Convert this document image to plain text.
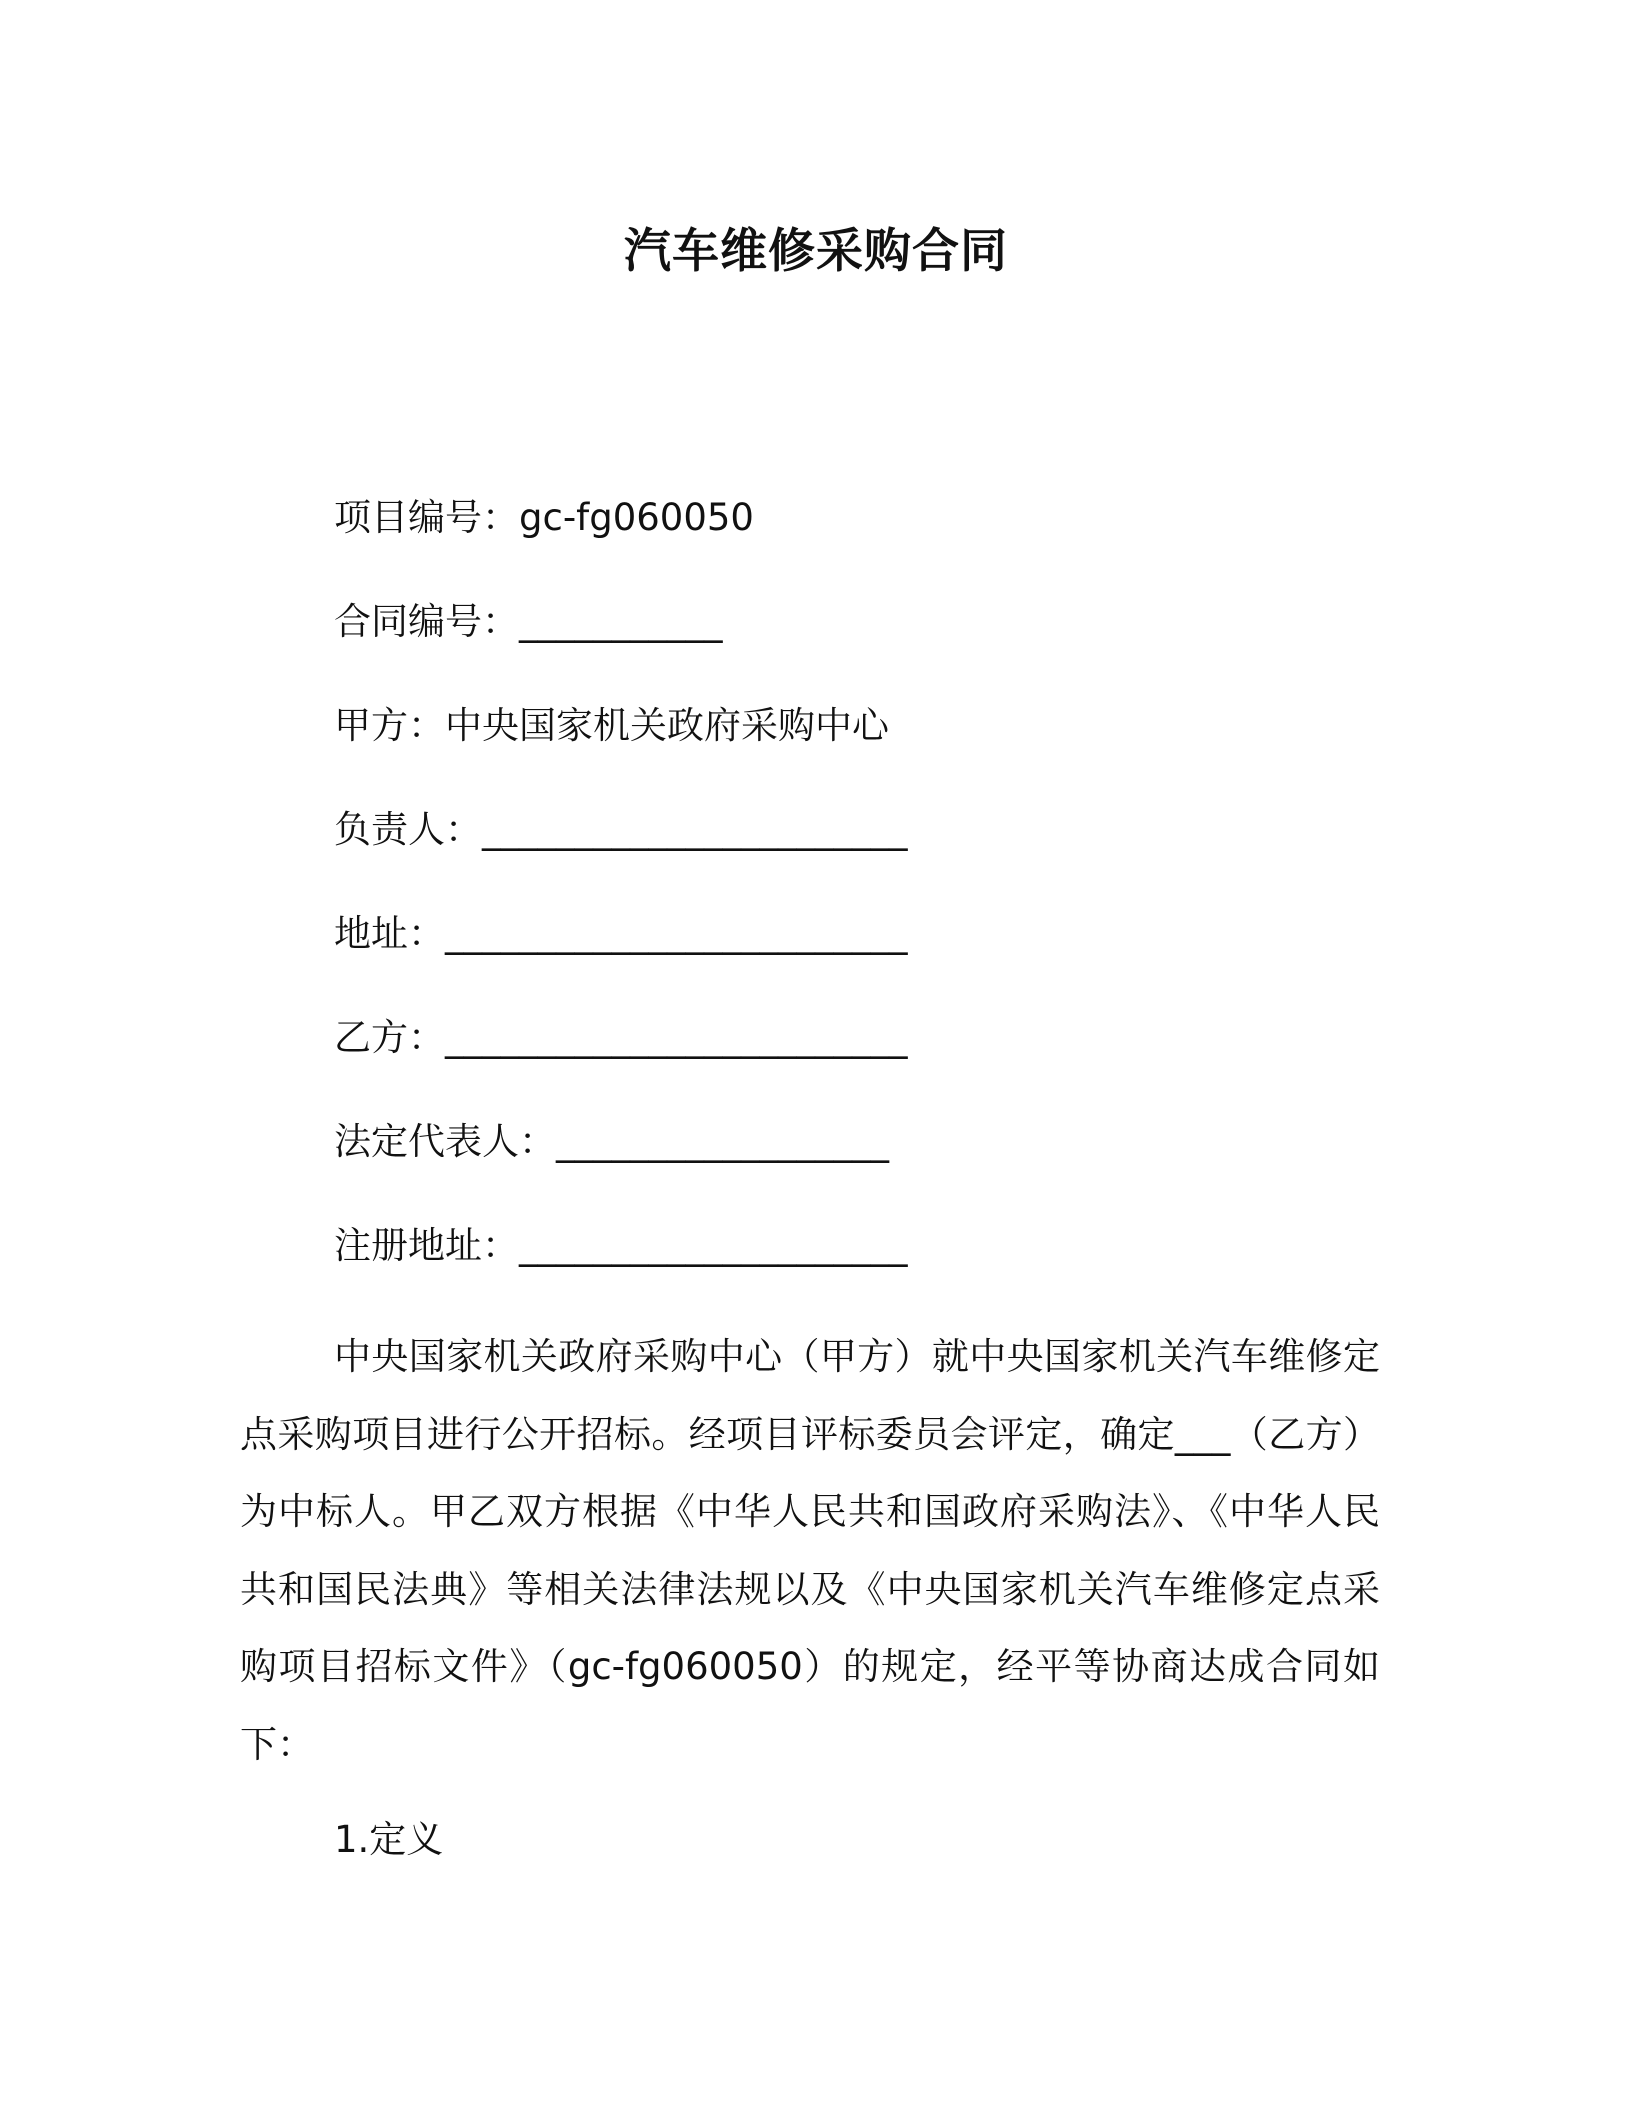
汽车维修采购合同
项目编号：gc-fg060050
合同编号：___________
甲方：中央国家机关政府采购中心
负责人：_______________________
地址：_________________________
乙方：_________________________
法定代表人：__________________
注册地址：_____________________
中央国家机关政府采购中心（甲方）就中央国家机关汽车维修定点采购项目进行公开招标。经项目评标委员会评定，确定___（乙方）为中标人。甲乙双方根据《中华人民共和国政府采购法》、《中华人民共和国民法典》等相关法律法规以及《中央国家机关汽车维修定点采购项目招标文件》（gc-fg060050）的规定，经平等协商达成合同如下：
1.定义
